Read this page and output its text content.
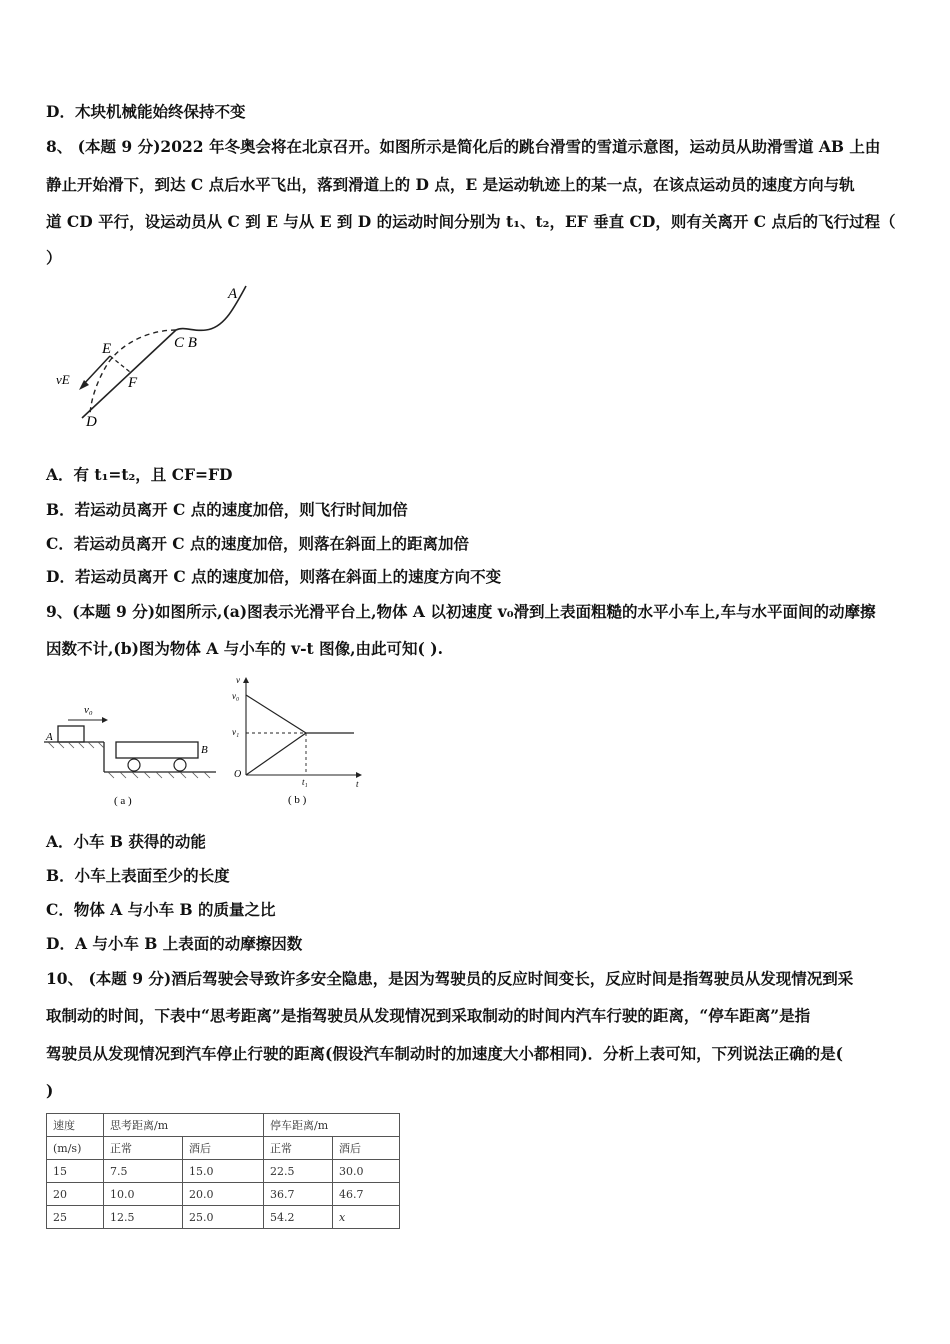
D．木块机械能始终保持不变
8、 (本题 9 分)2022 年冬奥会将在北京召开。如图所示是简化后的跳台滑雪的雪道示意图，运动员从助滑雪道 AB 上由
静止开始滑下，到达 C 点后水平飞出，落到滑道上的 D 点，E 是运动轨迹上的某一点，在该点运动员的速度方向与轨
道 CD 平行，设运动员从 C 到 E 与从 E 到 D 的运动时间分别为 t₁、t₂，EF 垂直 CD，则有关离开 C 点后的飞行过程（
）
A
C B
E
F
vE
D
A．有 t₁=t₂，且 CF=FD
B．若运动员离开 C 点的速度加倍，则飞行时间加倍
C．若运动员离开 C 点的速度加倍，则落在斜面上的距离加倍
D．若运动员离开 C 点的速度加倍，则落在斜面上的速度方向不变
9、(本题 9 分)如图所示,(a)图表示光滑平台上,物体 A 以初速度 v₀滑到上表面粗糙的水平小车上,车与水平面间的动摩擦
因数不计,(b)图为物体 A 与小车的 v-t 图像,由此可知( ).
v₀
A
B
( a )
v
v₀
v₁
O
t₁	t
( b )
A．小车 B 获得的动能
B．小车上表面至少的长度
C．物体 A 与小车 B 的质量之比
D．A 与小车 B 上表面的动摩擦因数
10、 (本题 9 分)酒后驾驶会导致许多安全隐患，是因为驾驶员的反应时间变长，反应时间是指驾驶员从发现情况到采
取制动的时间，下表中“思考距离”是指驾驶员从发现情况到采取制动的时间内汽车行驶的距离，“停车距离”是指
驾驶员从发现情况到汽车停止行驶的距离(假设汽车制动时的加速度大小都相同)．分析上表可知，下列说法正确的是(
)
速度	思考距离/m		停车距离/m	
(m/s)	正常	酒后	正常	酒后
15	7.5	15.0	22.5	30.0
20	10.0	20.0	36.7	46.7
25	12.5	25.0	54.2	x
